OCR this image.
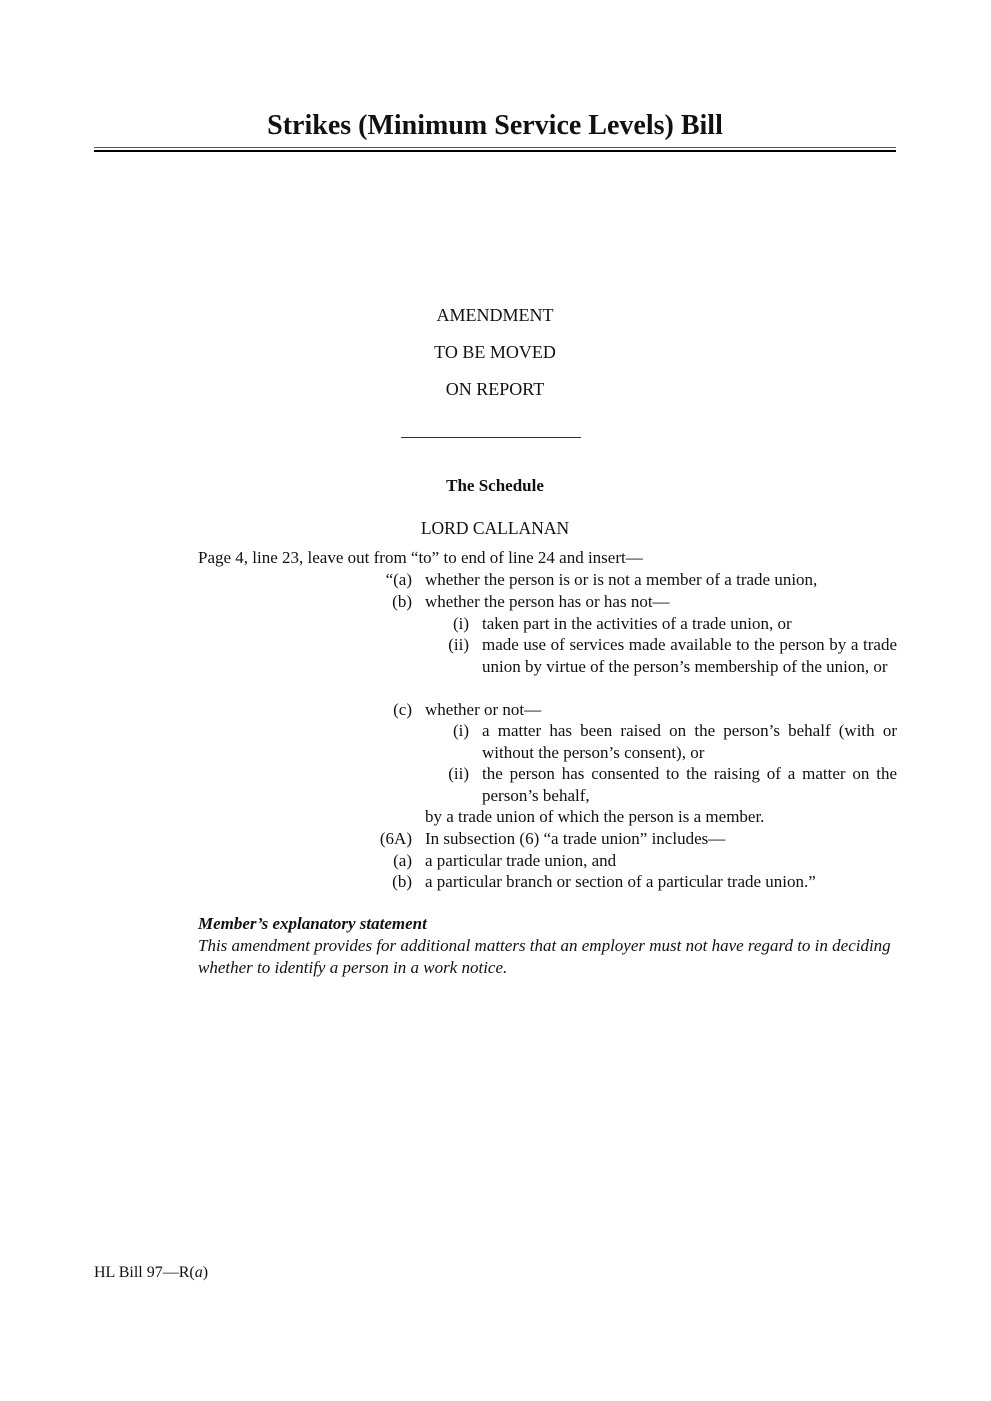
Strikes (Minimum Service Levels) Bill
AMENDMENT
TO BE MOVED
ON REPORT
The Schedule
LORD CALLANAN
Page 4, line 23, leave out from “to” to end of line 24 and insert—
“(a) whether the person is or is not a member of a trade union,
(b) whether the person has or has not—
(i) taken part in the activities of a trade union, or
(ii) made use of services made available to the person by a trade union by virtue of the person’s membership of the union, or
(c) whether or not—
(i) a matter has been raised on the person’s behalf (with or without the person’s consent), or
(ii) the person has consented to the raising of a matter on the person’s behalf,
by a trade union of which the person is a member.
(6A) In subsection (6) “a trade union” includes—
(a) a particular trade union, and
(b) a particular branch or section of a particular trade union.”
Member’s explanatory statement
This amendment provides for additional matters that an employer must not have regard to in deciding whether to identify a person in a work notice.
HL Bill 97—R(a)
